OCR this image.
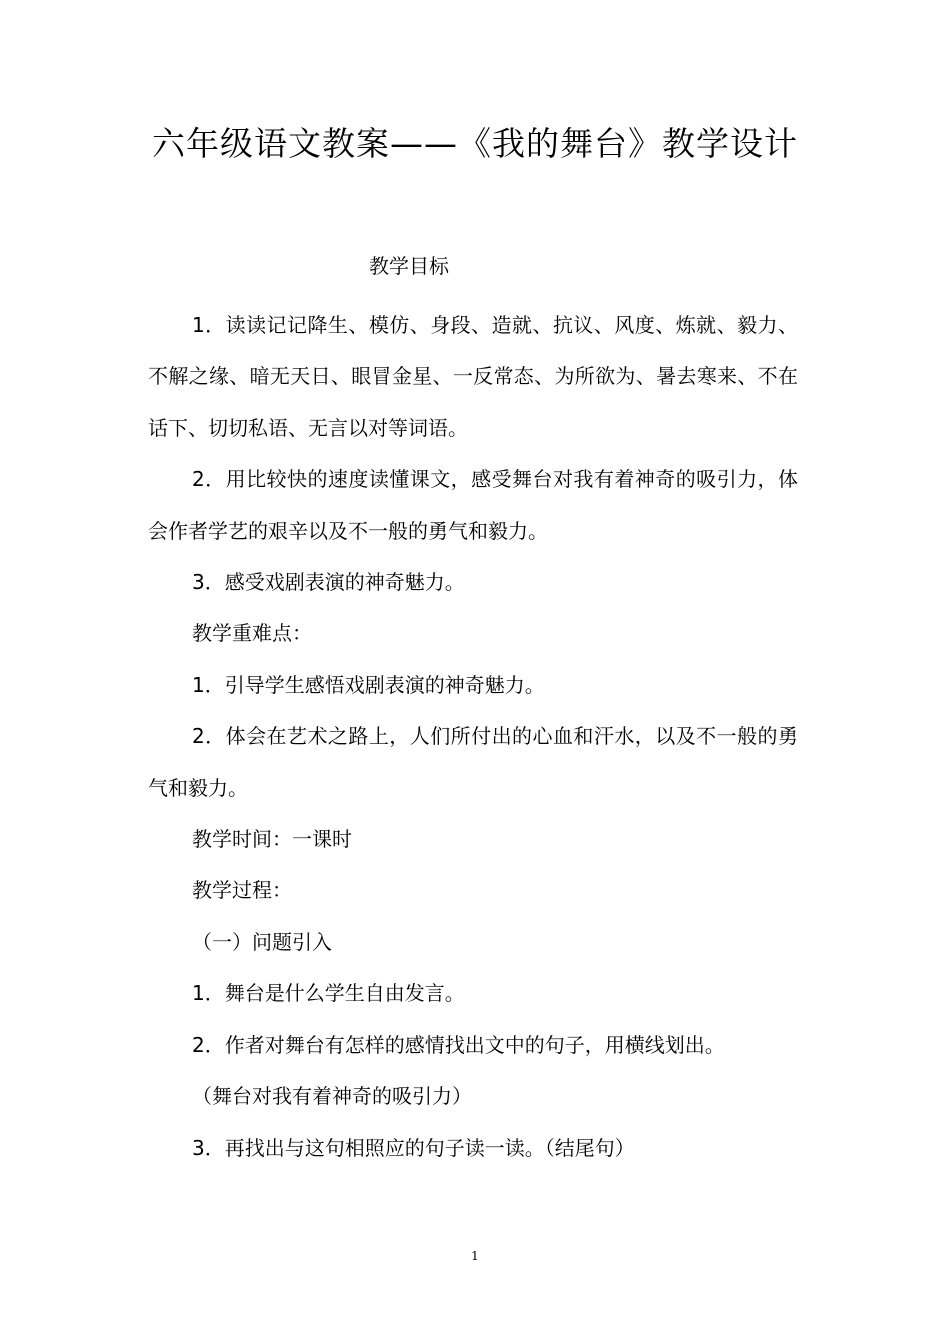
六年级语文教案——《我的舞台》教学设计
教学目标

1．读读记记降生、模仿、身段、造就、抗议、风度、炼就、毅力、不解之缘、暗无天日、眼冒金星、一反常态、为所欲为、暑去寒来、不在话下、切切私语、无言以对等词语。

2．用比较快的速度读懂课文，感受舞台对我有着神奇的吸引力，体会作者学艺的艰辛以及不一般的勇气和毅力。

3．感受戏剧表演的神奇魅力。

教学重难点：

1．引导学生感悟戏剧表演的神奇魅力。

2．体会在艺术之路上，人们所付出的心血和汗水，以及不一般的勇气和毅力。

教学时间：一课时

教学过程：

（一）问题引入

1．舞台是什么学生自由发言。

2．作者对舞台有怎样的感情找出文中的句子，用横线划出。

（舞台对我有着神奇的吸引力）

3．再找出与这句相照应的句子读一读。（结尾句）

1
